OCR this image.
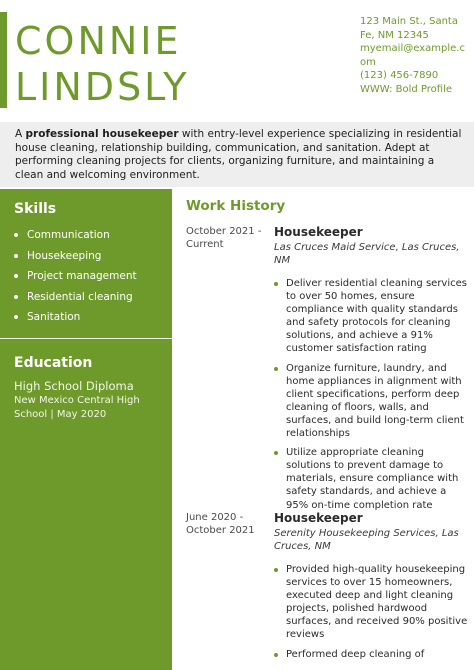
CONNIE
LINDSLY
123 Main St., Santa
Fe, NM 12345
myemail@example.c
om
(123) 456-7890
WWW: Bold Profile
A professional housekeeper with entry-level experience specializing in residential house cleaning, relationship building, communication, and sanitation. Adept at performing cleaning projects for clients, organizing furniture, and maintaining a clean and welcoming environment.
Skills
Communication
Housekeeping
Project management
Residential cleaning
Sanitation
Education
High School Diploma
New Mexico Central High
School | May 2020
Work History
October 2021 -
Current
Housekeeper
Las Cruces Maid Service, Las Cruces, NM
Deliver residential cleaning services to over 50 homes, ensure compliance with quality standards and safety protocols for cleaning solutions, and achieve a 91% customer satisfaction rating
Organize furniture, laundry, and home appliances in alignment with client specifications, perform deep cleaning of floors, walls, and surfaces, and build long-term client relationships
Utilize appropriate cleaning solutions to prevent damage to materials, ensure compliance with safety standards, and achieve a 95% on-time completion rate
June 2020 -
October 2021
Housekeeper
Serenity Housekeeping Services, Las Cruces, NM
Provided high-quality housekeeping services to over 15 homeowners, executed deep and light cleaning projects, polished hardwood surfaces, and received 90% positive reviews
Performed deep cleaning of
